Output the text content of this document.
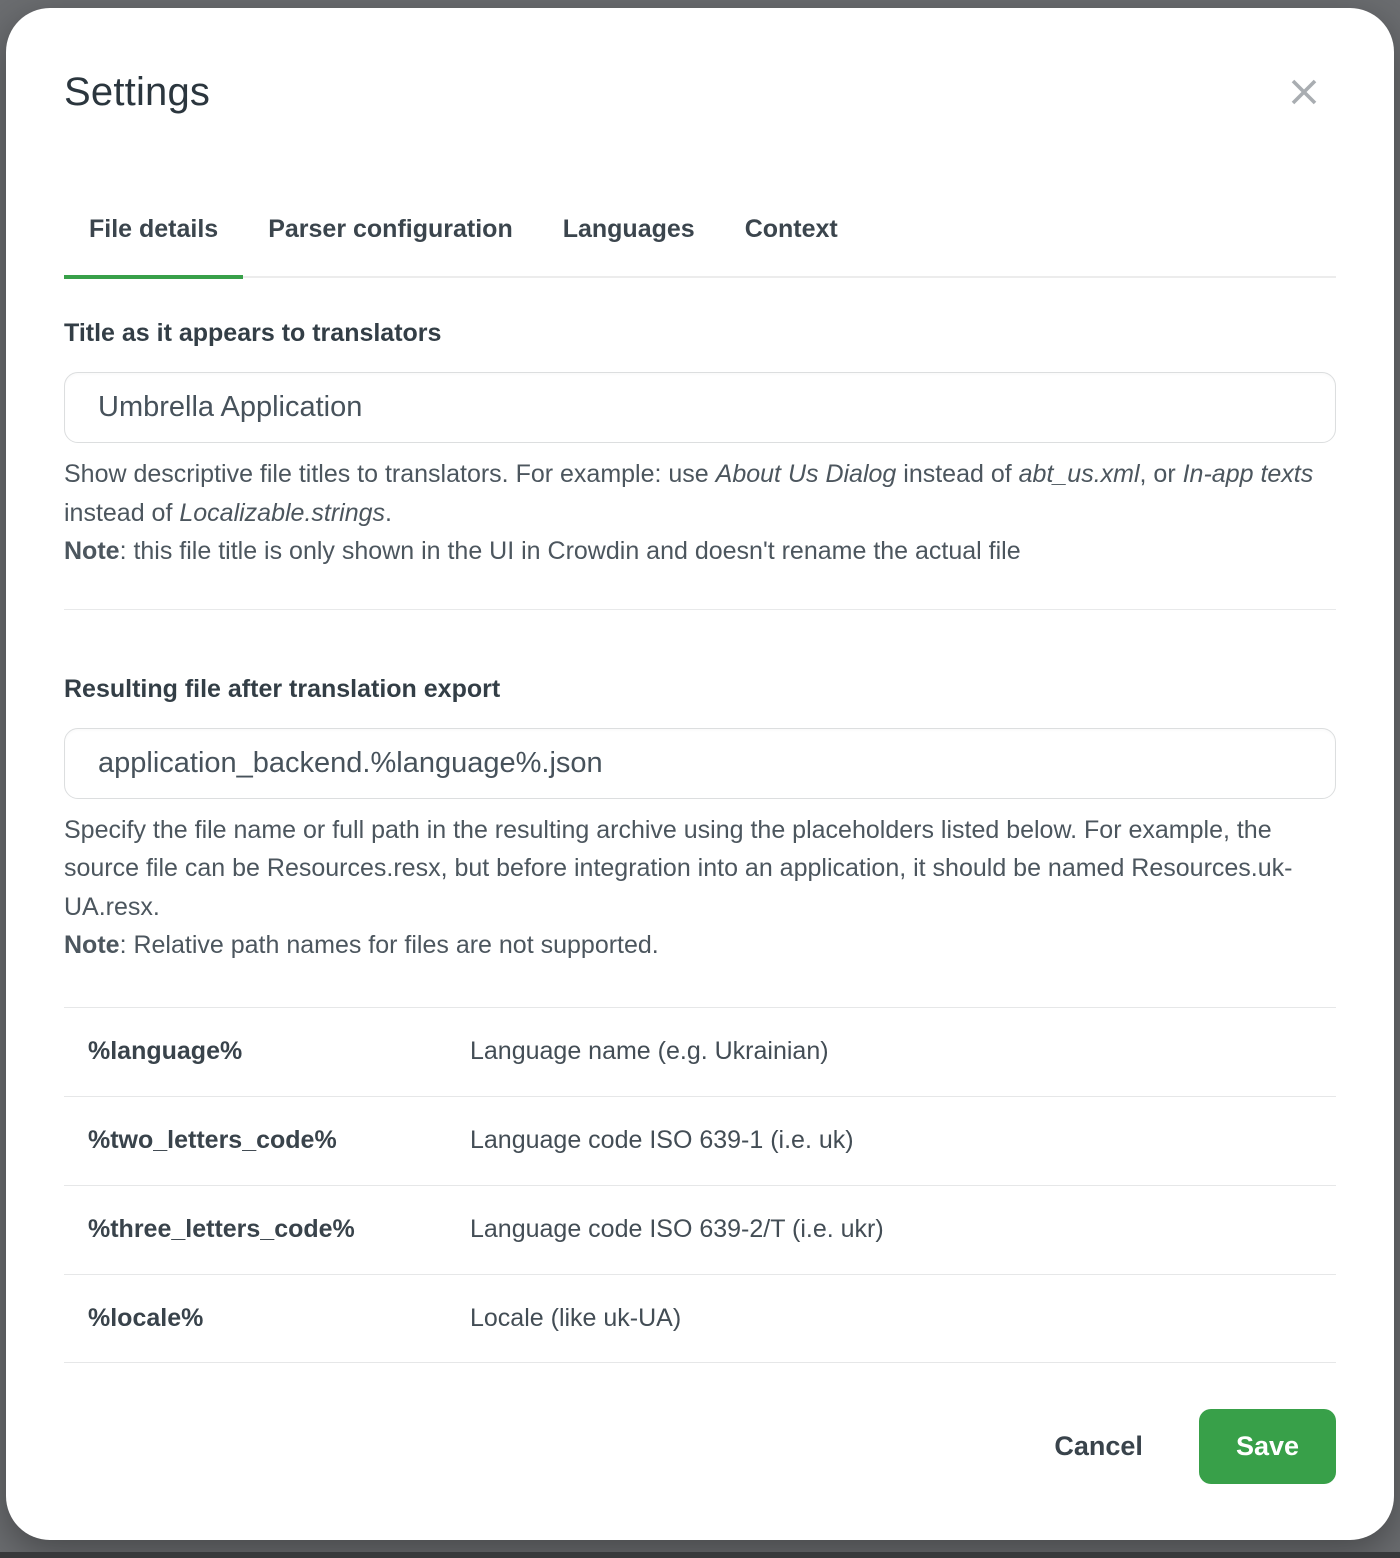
Settings
File details	Parser configuration	Languages	Context
Title as it appears to translators
Umbrella Application

Show descriptive file titles to translators. For example: use About Us Dialog instead of abt_us.xml, or In-app texts instead of Localizable.strings.
Note: this file title is only shown in the UI in Crowdin and doesn't rename the actual file

Resulting file after translation export
application_backend.%language%.json

Specify the file name or full path in the resulting archive using the placeholders listed below. For example, the source file can be Resources.resx, but before integration into an application, it should be named Resources.uk-UA.resx.
Note: Relative path names for files are not supported.

%language%	Language name (e.g. Ukrainian)
%two_letters_code%	Language code ISO 639-1 (i.e. uk)
%three_letters_code%	Language code ISO 639-2/T (i.e. ukr)
%locale%	Locale (like uk-UA)
Cancel	Save
